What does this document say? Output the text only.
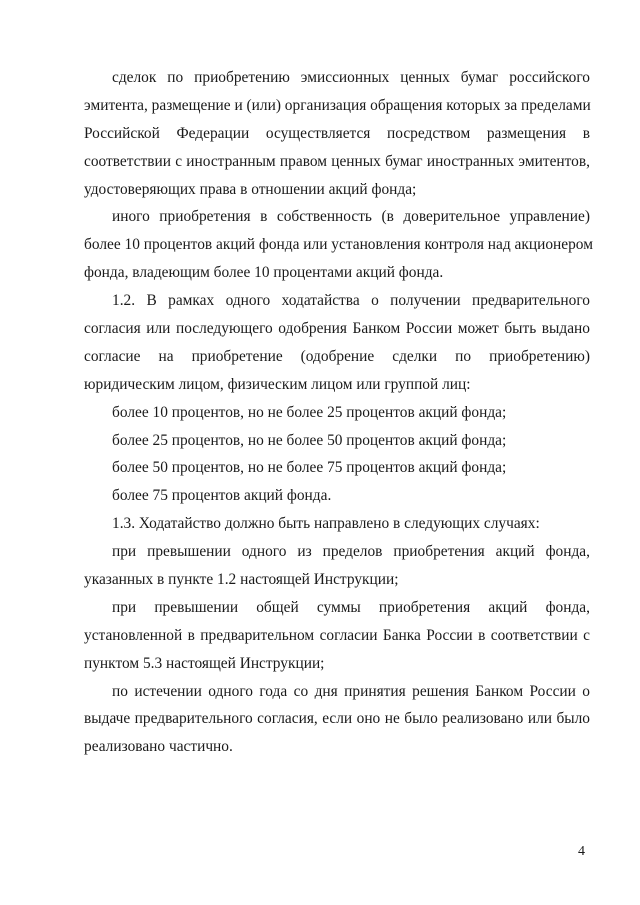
сделок по приобретению эмиссионных ценных бумаг российского
эмитента, размещение и (или) организация обращения которых за пределами
Российской Федерации осуществляется посредством размещения в
соответствии с иностранным правом ценных бумаг иностранных эмитентов,
удостоверяющих права в отношении акций фонда;
иного приобретения в собственность (в доверительное управление)
более 10 процентов акций фонда или установления контроля над акционером
фонда, владеющим более 10 процентами акций фонда.
1.2. В рамках одного ходатайства о получении предварительного
согласия или последующего одобрения Банком России может быть выдано
согласие на приобретение (одобрение сделки по приобретению)
юридическим лицом, физическим лицом или группой лиц:
более 10 процентов, но не более 25 процентов акций фонда;
более 25 процентов, но не более 50 процентов акций фонда;
более 50 процентов, но не более 75 процентов акций фонда;
более 75 процентов акций фонда.
1.3. Ходатайство должно быть направлено в следующих случаях:
при превышении одного из пределов приобретения акций фонда,
указанных в пункте 1.2 настоящей Инструкции;
при превышении общей суммы приобретения акций фонда,
установленной в предварительном согласии Банка России в соответствии с
пунктом 5.3 настоящей Инструкции;
по истечении одного года со дня принятия решения Банком России о
выдаче предварительного согласия, если оно не было реализовано или было
реализовано частично.
4
